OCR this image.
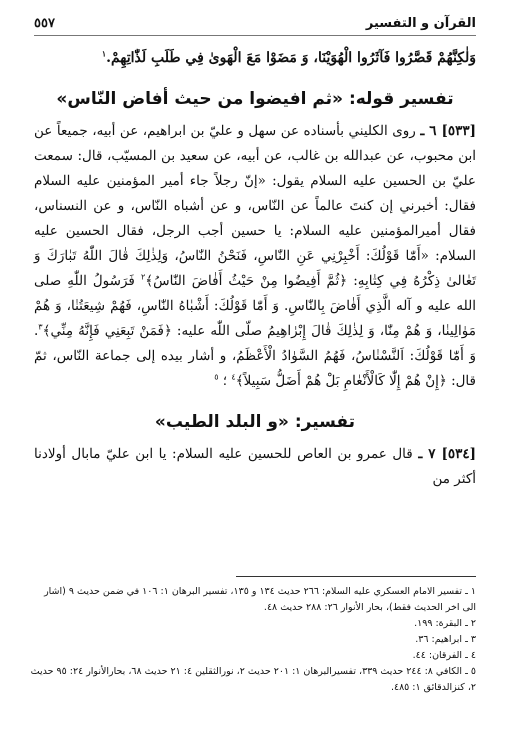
القرآن و التفسير
٥٥٧
وَلٰكِنَّهُمْ قَصَّرُوا فَآثَرُوا الْهُوَيْنَا، وَ مَضَوْا مَعَ الْهَوىٰ فِي طَلَبِ لَذّٰاتِهِمْ.$^١$
تفسير قوله: «ثم افيضوا من حيث أفاض النّاس»
[٥٣٣] ٦ ـ روى الكليني بأسناده عن سهل و عليّ بن ابراهيم، عن أبيه، جميعاً عن ابن محبوب، عن عبدالله بن غالب، عن أبيه، عن سعيد بن المسيّب، قال: سمعت عليّ بن الحسين عليه السلام يقول: «إنّ رجلاً جاء أمير المؤمنين عليه السلام فقال: أخبرني إن كنتَ عالماً عن النّاس، و عن أشباه النّاس، و عن النسناس، فقال أميرالمؤمنين عليه السلام: يا حسين أجب الرجل، فقال الحسين عليه السلام: «أَمّٰا قَوْلُكَ: أَخْبِرْنِي عَنِ النّٰاسِ، فَنَحْنُ النّٰاسُ، وَلِذٰلِكَ قٰالَ اللّٰهُ تَبٰارَكَ وَ تَعٰالىٰ ذِكْرُهُ فِي كِتٰابِهِ: ﴿ثُمَّ أَفِيضُوا مِنْ حَيْثُ أَفٰاضَ النّٰاسُ﴾$^٢$ فَرَسُولُ اللّٰهِ صلى الله عليه و آله الَّذِي أَفٰاضَ بِالنّٰاسِ. وَ أَمّٰا قَوْلُكَ: أَشْبٰاهُ النّٰاسِ، فَهُمْ شِيعَتُنٰا، وَ هُمْ مَوٰالِينٰا، وَ هُمْ مِنّٰا، وَ لِذٰلِكَ قٰالَ إِبْرٰاهِيمُ صلّى اللّٰه عليه: ﴿فَمَنْ تَبِعَنِي فَإِنَّهُ مِنِّي﴾$^٣$. وَ أَمّٰا قَوْلُكَ: اَلنَّسْنٰاسُ، فَهُمُ السَّوٰادُ الْأَعْظَمُ، و أشار بيده إلى جماعة النّاس، ثمّ قال: ﴿إِنْ هُمْ إِلّٰا كَالْأَنْعٰامِ بَلْ هُمْ أَضَلُّ سَبِيلاً﴾$^٤$ ؛ $^٥$
تفسير: «و البلد الطيب»
[٥٣٤] ٧ ـ قال عمرو بن العاص للحسين عليه السلام: يا ابن عليّ مابال أولادنا أكثر من

١ ـ تفسير الامام العسكري عليه السلام: ٢٦٦ حديث ١٣٤ و ١٣٥، تفسير البرهان ١: ١٠٦ في ضمن حديث ٩ (اشار الى اخر الحديث فقط)، بحار الأنوار ٢٦: ٢٨٨ حديث ٤٨.

٢ ـ البقرة: ١٩٩.

٣ ـ ابراهيم: ٣٦.

٤ ـ الفرقان: ٤٤.

٥ ـ الكافي ٨: ٢٤٤ حديث ٣٣٩، تفسيرالبرهان ١: ٢٠١ حديث ٢، نورالثقلين ٤: ٢١ حديث ٦٨، بحارالأنوار ٢٤: ٩٥ حديث ٢، كنزالدقائق ١: ٤٨٥.
